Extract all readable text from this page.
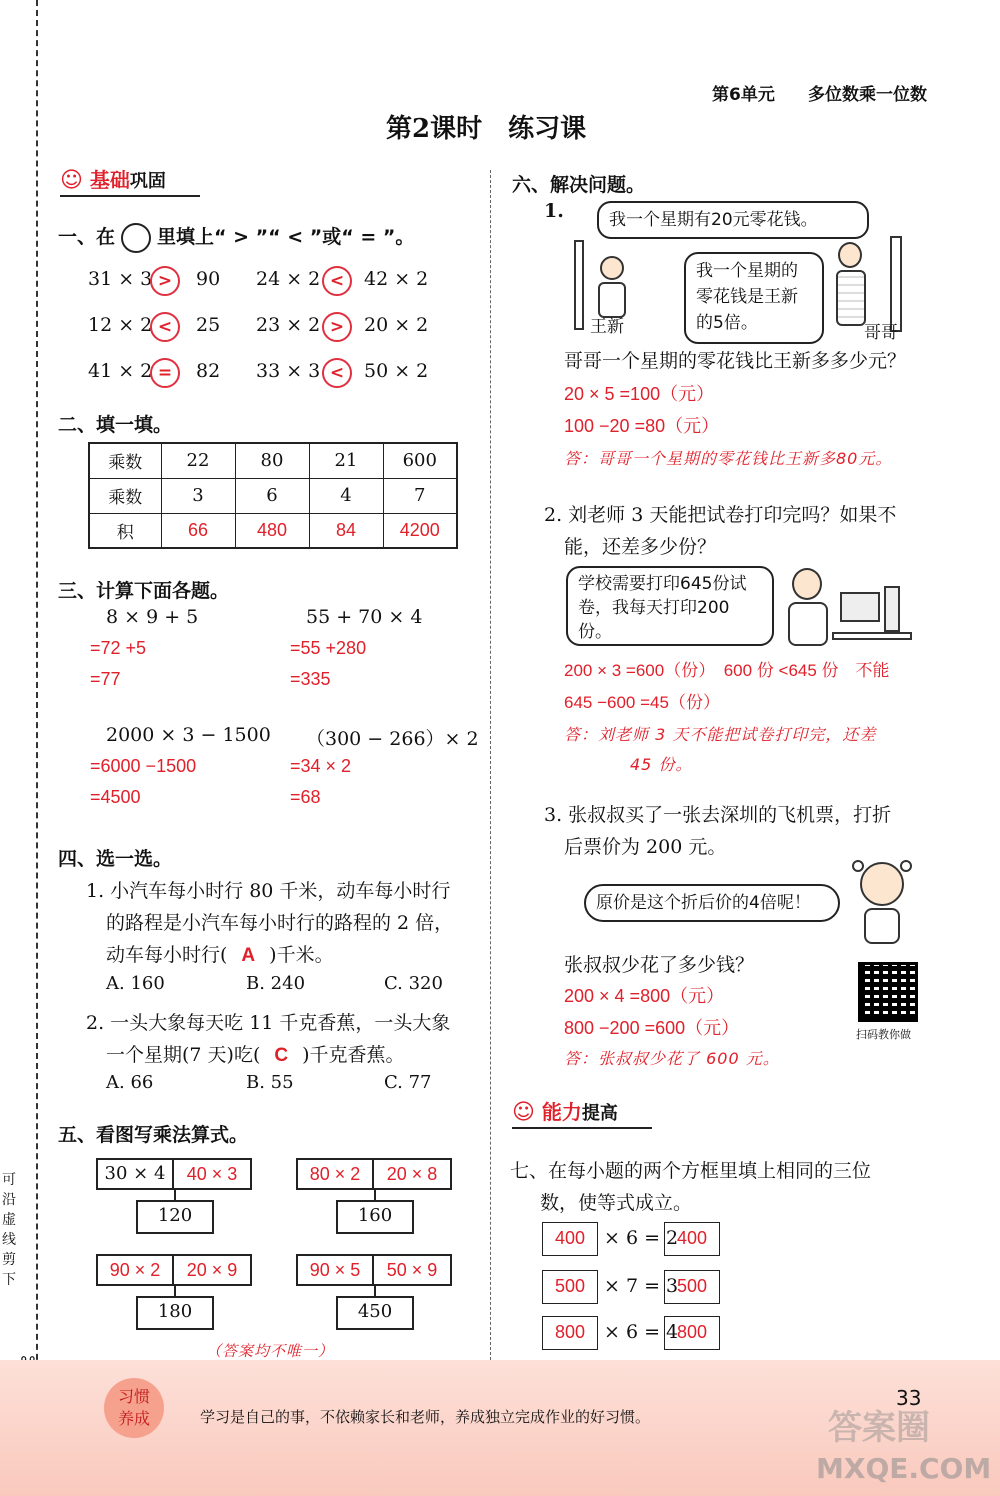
可沿虚线剪下
第6单元 多位数乘一位数
第2课时　练习课
☺ 基础巩固
一、在 里填上“ > ”“ < ”或“ = ”。
31 × 3 >	90 24 × 2 <	42 × 2
12 × 2 <	25 23 × 2 >	20 × 2
41 × 2 =	82 33 × 3 <	50 × 2
二、填一填。
乘数	22	80	21	600
乘数	3	6	4	7
积	66	480	84	4200
三、计算下面各题。
8 × 9 + 5
=72 +5
=77
55 + 70 × 4
=55 +280
=335
2000 × 3 − 1500
=6000 −1500
=4500
（300 − 266）× 2
=34 × 2
=68
四、选一选。
1. 小汽车每小时行 80 千米，动车每小时行
的路程是小汽车每小时行的路程的 2 倍，
动车每小时行( A )千米。
A. 160	B. 240	C. 320
2. 一头大象每天吃 11 千克香蕉，一头大象
一个星期(7 天)吃( C )千克香蕉。
A. 66	B. 55	C. 77
五、看图写乘法算式。
30 × 4	40 × 3
120
80 × 2	20 × 8
160
90 × 2	20 × 9
180
90 × 5	50 × 9
450
（答案均不唯一）
六、解决问题。
1.	我一个星期有20元零花钱。
我一个星期的零花钱是王新的5倍。
王新	哥哥
哥哥一个星期的零花钱比王新多多少元？
20 × 5 =100（元）
100 −20 =80（元）
答：哥哥一个星期的零花钱比王新多80元。
2. 刘老师 3 天能把试卷打印完吗？如果不
能，还差多少份？
学校需要打印645份试卷，我每天打印200份。
200 × 3 =600（份）　600 份 <645 份　不能
645 −600 =45（份）
答：刘老师 3 天不能把试卷打印完，还差
45 份。
3. 张叔叔买了一张去深圳的飞机票，打折
后票价为 200 元。
原价是这个折后价的4倍呢！
张叔叔少花了多少钱？
扫码教你做
200 × 4 =800（元）
800 −200 =600（元）
答：张叔叔少花了 600 元。
☺ 能力提高
七、在每小题的两个方框里填上相同的三位
数，使等式成立。
400 × 6 = 2
400
500 × 7 = 3
500
800 × 6 = 4
800
习惯
养成	学习是自己的事，不依赖家长和老师，养成独立完成作业的好习惯。
33
答案圈
MXQE.COM
